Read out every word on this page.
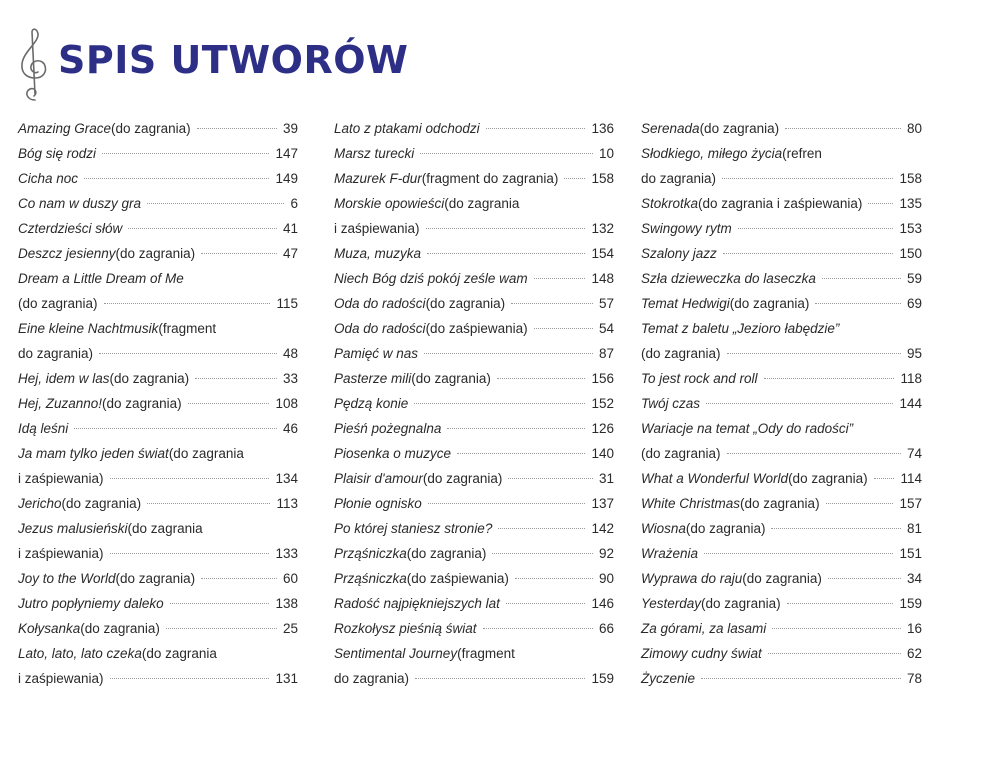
SPIS UTWORÓW
Amazing Grace (do zagrania)	39
Bóg się rodzi	147
Cicha noc	149
Co nam w duszy gra	6
Czterdzieści słów	41
Deszcz jesienny (do zagrania)	47
Dream a Little Dream of Me
(do zagrania)	115
Eine kleine Nachtmusik (fragment
do zagrania)	48
Hej, idem w las (do zagrania)	33
Hej, Zuzanno! (do zagrania)	108
Idą leśni	46
Ja mam tylko jeden świat (do zagrania
i zaśpiewania)	134
Jericho (do zagrania)	113
Jezus malusieński (do zagrania
i zaśpiewania)	133
Joy to the World (do zagrania)	60
Jutro popłyniemy daleko	138
Kołysanka (do zagrania)	25
Lato, lato, lato czeka (do zagrania
i zaśpiewania)	131
Lato z ptakami odchodzi	136
Marsz turecki	10
Mazurek F-dur (fragment do zagrania) 158
Morskie opowieści (do zagrania
i zaśpiewania)	132
Muza, muzyka	154
Niech Bóg dziś pokój ześle wam	148
Oda do radości (do zagrania)	57
Oda do radości (do zaśpiewania)	54
Pamięć w nas	87
Pasterze mili (do zagrania)	156
Pędzą konie	152
Pieśń pożegnalna	126
Piosenka o muzyce	140
Plaisir d'amour (do zagrania)	31
Płonie ognisko	137
Po której staniesz stronie?	142
Prząśniczka (do zagrania)	92
Prząśniczka (do zaśpiewania)	90
Radość najpiękniejszych lat	146
Rozkołysz pieśnią świat	66
Sentimental Journey (fragment
do zagrania)	159
Serenada (do zagrania)	80
Słodkiego, miłego życia (refren
do zagrania)	158
Stokrotka (do zagrania i zaśpiewania)	135
Swingowy rytm	153
Szalony jazz	150
Szła dzieweczka do laseczka	59
Temat Hedwigi (do zagrania)	69
Temat z baletu „Jezioro łabędzie”
(do zagrania)	95
To jest rock and roll	118
Twój czas	144
Wariacje na temat „Ody do radości”
(do zagrania)	74
What a Wonderful World (do zagrania) 114
White Christmas (do zagrania)	157
Wiosna (do zagrania)	81
Wrażenia	151
Wyprawa do raju (do zagrania)	34
Yesterday (do zagrania)	159
Za górami, za lasami	16
Zimowy cudny świat	62
Życzenie	78
